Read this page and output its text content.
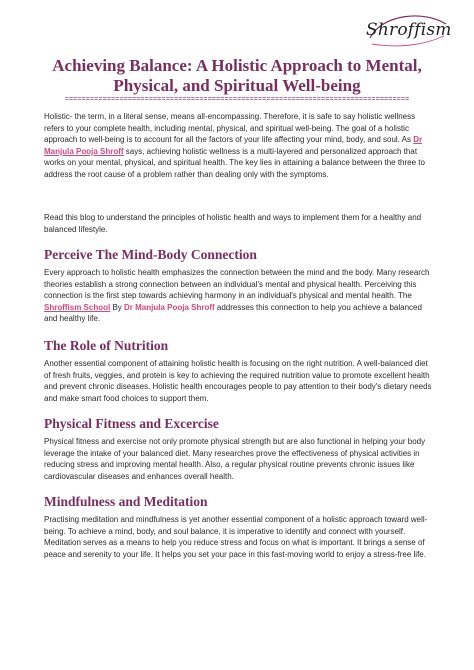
Shroffism
Achieving Balance: A Holistic Approach to Mental,
Physical, and Spiritual Well-being
==================================================================================

Holistic- the term, in a literal sense, means all-encompassing. Therefore, it is safe to say holistic wellness refers to your complete health, including mental, physical, and spiritual well-being. The goal of a holistic approach to well-being is to account for all the factors of your life affecting your mind, body, and soul. As Dr Manjula Pooja Shroff says, achieving holistic wellness is a multi-layered and personalized approach that works on your mental, physical, and spiritual health. The key lies in attaining a balance between the three to address the root cause of a problem rather than dealing only with the symptoms.

Read this blog to understand the principles of holistic health and ways to implement them for a healthy and balanced lifestyle.

Perceive The Mind-Body Connection

Every approach to holistic health emphasizes the connection between the mind and the body. Many research theories establish a strong connection between an individual's mental and physical health. Perceiving this connection is the first step towards achieving harmony in an individual's physical and mental health. The Shroffism School By Dr Manjula Pooja Shroff addresses this connection to help you achieve a balanced and healthy life.

The Role of Nutrition

Another essential component of attaining holistic health is focusing on the right nutrition. A well-balanced diet of fresh fruits, veggies, and protein is key to achieving the required nutrition value to promote excellent health and prevent chronic diseases. Holistic health encourages people to pay attention to their body's dietary needs and make smart food choices to support them.

Physical Fitness and Excercise

Physical fitness and exercise not only promote physical strength but are also functional in helping your body leverage the intake of your balanced diet. Many researches prove the effectiveness of physical activities in reducing stress and improving mental health. Also, a regular physical routine prevents chronic issues like cardiovascular diseases and enhances overall health.

Mindfulness and Meditation

Practising meditation and mindfulness is yet another essential component of a holistic approach toward well-being. To achieve a mind, body, and soul balance, it is imperative to identify and connect with yourself. Meditation serves as a means to help you reduce stress and focus on what is important. It brings a sense of peace and serenity to your life. It helps you set your pace in this fast-moving world to enjoy a stress-free life.
